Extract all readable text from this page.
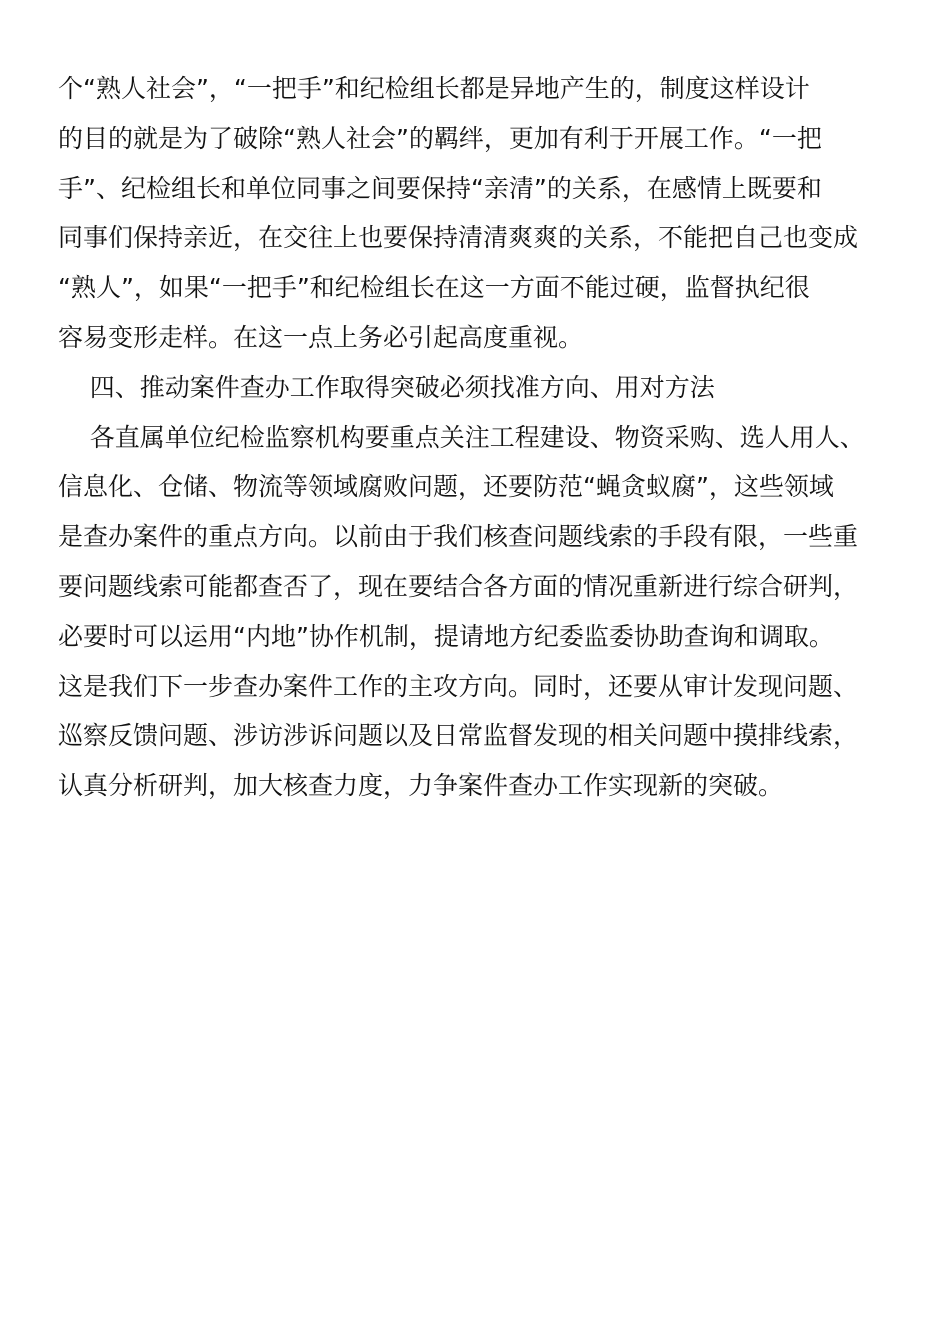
个“熟人社会”，“一把手”和纪检组长都是异地产生的，制度这样设计
的目的就是为了破除“熟人社会”的羁绊，更加有利于开展工作。“一把
手”、纪检组长和单位同事之间要保持“亲清”的关系，在感情上既要和
同事们保持亲近，在交往上也要保持清清爽爽的关系，不能把自己也变成
“熟人”，如果“一把手”和纪检组长在这一方面不能过硬，监督执纪很
容易变形走样。在这一点上务必引起高度重视。
四、推动案件查办工作取得突破必须找准方向、用对方法
各直属单位纪检监察机构要重点关注工程建设、物资采购、选人用人、
信息化、仓储、物流等领域腐败问题，还要防范“蝇贪蚁腐”，这些领域
是查办案件的重点方向。以前由于我们核查问题线索的手段有限，一些重
要问题线索可能都查否了，现在要结合各方面的情况重新进行综合研判，
必要时可以运用“内地”协作机制，提请地方纪委监委协助查询和调取。
这是我们下一步查办案件工作的主攻方向。同时，还要从审计发现问题、
巡察反馈问题、涉访涉诉问题以及日常监督发现的相关问题中摸排线索，
认真分析研判，加大核查力度，力争案件查办工作实现新的突破。
